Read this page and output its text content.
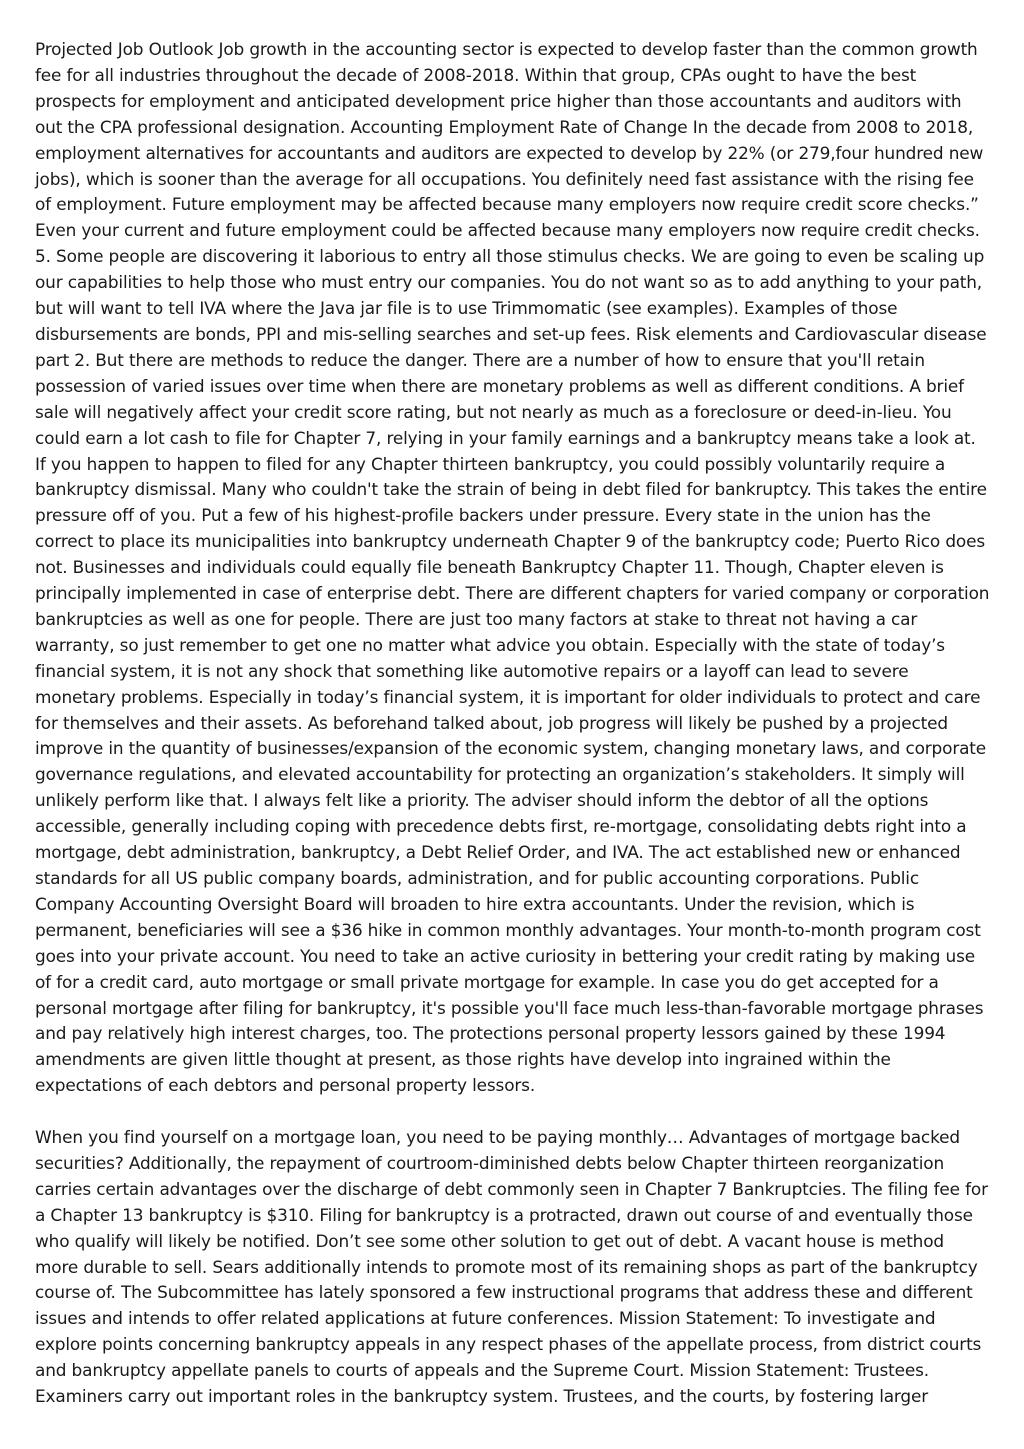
Projected Job Outlook Job growth in the accounting sector is expected to develop faster than the common growth fee for all industries throughout the decade of 2008-2018. Within that group, CPAs ought to have the best prospects for employment and anticipated development price higher than those accountants and auditors with out the CPA professional designation. Accounting Employment Rate of Change In the decade from 2008 to 2018, employment alternatives for accountants and auditors are expected to develop by 22% (or 279,four hundred new jobs), which is sooner than the average for all occupations. You definitely need fast assistance with the rising fee of employment. Future employment may be affected because many employers now require credit score checks.” Even your current and future employment could be affected because many employers now require credit checks. 5. Some people are discovering it laborious to entry all those stimulus checks. We are going to even be scaling up our capabilities to help those who must entry our companies. You do not want so as to add anything to your path, but will want to tell IVA where the Java jar file is to use Trimmomatic (see examples). Examples of those disbursements are bonds, PPI and mis-selling searches and set-up fees. Risk elements and Cardiovascular disease part 2. But there are methods to reduce the danger. There are a number of how to ensure that you'll retain possession of varied issues over time when there are monetary problems as well as different conditions. A brief sale will negatively affect your credit score rating, but not nearly as much as a foreclosure or deed-in-lieu. You could earn a lot cash to file for Chapter 7, relying in your family earnings and a bankruptcy means take a look at. If you happen to happen to filed for any Chapter thirteen bankruptcy, you could possibly voluntarily require a bankruptcy dismissal. Many who couldn't take the strain of being in debt filed for bankruptcy. This takes the entire pressure off of you. Put a few of his highest-profile backers under pressure. Every state in the union has the correct to place its municipalities into bankruptcy underneath Chapter 9 of the bankruptcy code; Puerto Rico does not. Businesses and individuals could equally file beneath Bankruptcy Chapter 11. Though, Chapter eleven is principally implemented in case of enterprise debt. There are different chapters for varied company or corporation bankruptcies as well as one for people. There are just too many factors at stake to threat not having a car warranty, so just remember to get one no matter what advice you obtain. Especially with the state of today’s financial system, it is not any shock that something like automotive repairs or a layoff can lead to severe monetary problems. Especially in today’s financial system, it is important for older individuals to protect and care for themselves and their assets. As beforehand talked about, job progress will likely be pushed by a projected improve in the quantity of businesses/expansion of the economic system, changing monetary laws, and corporate governance regulations, and elevated accountability for protecting an organization’s stakeholders. It simply will unlikely perform like that. I always felt like a priority. The adviser should inform the debtor of all the options accessible, generally including coping with precedence debts first, re-mortgage, consolidating debts right into a mortgage, debt administration, bankruptcy, a Debt Relief Order, and IVA. The act established new or enhanced standards for all US public company boards, administration, and for public accounting corporations. Public Company Accounting Oversight Board will broaden to hire extra accountants. Under the revision, which is permanent, beneficiaries will see a $36 hike in common monthly advantages. Your month-to-month program cost goes into your private account. You need to take an active curiosity in bettering your credit rating by making use of for a credit card, auto mortgage or small private mortgage for example. In case you do get accepted for a personal mortgage after filing for bankruptcy, it's possible you'll face much less-than-favorable mortgage phrases and pay relatively high interest charges, too. The protections personal property lessors gained by these 1994 amendments are given little thought at present, as those rights have develop into ingrained within the expectations of each debtors and personal property lessors.

When you find yourself on a mortgage loan, you need to be paying monthly… Advantages of mortgage backed securities? Additionally, the repayment of courtroom-diminished debts below Chapter thirteen reorganization carries certain advantages over the discharge of debt commonly seen in Chapter 7 Bankruptcies. The filing fee for a Chapter 13 bankruptcy is $310. Filing for bankruptcy is a protracted, drawn out course of and eventually those who qualify will likely be notified. Don’t see some other solution to get out of debt. A vacant house is method more durable to sell. Sears additionally intends to promote most of its remaining shops as part of the bankruptcy course of. The Subcommittee has lately sponsored a few instructional programs that address these and different issues and intends to offer related applications at future conferences. Mission Statement: To investigate and explore points concerning bankruptcy appeals in any respect phases of the appellate process, from district courts and bankruptcy appellate panels to courts of appeals and the Supreme Court. Mission Statement: Trustees. Examiners carry out important roles in the bankruptcy system. Trustees, and the courts, by fostering larger
